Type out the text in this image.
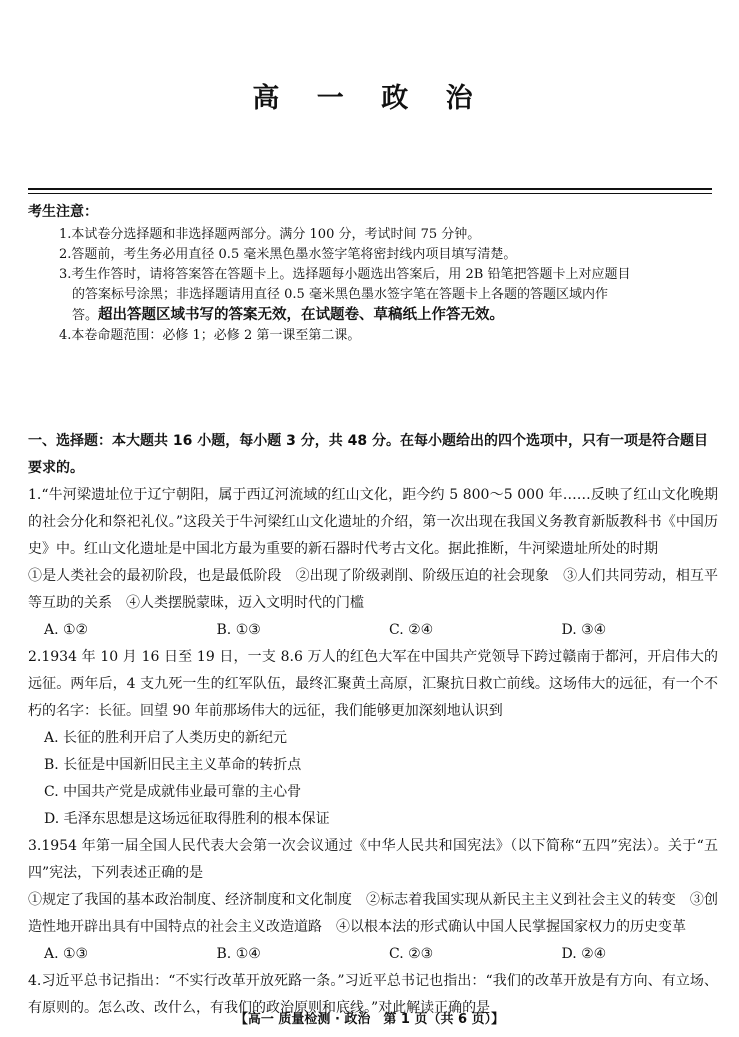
高 一 政 治
考生注意：
1.本试卷分选择题和非选择题两部分。满分 100 分，考试时间 75 分钟。
2.答题前，考生务必用直径 0.5 毫米黑色墨水签字笔将密封线内项目填写清楚。
3.考生作答时，请将答案答在答题卡上。选择题每小题选出答案后，用 2B 铅笔把答题卡上对应题目的答案标号涂黑；非选择题请用直径 0.5 毫米黑色墨水签字笔在答题卡上各题的答题区域内作答。超出答题区域书写的答案无效，在试题卷、草稿纸上作答无效。
4.本卷命题范围：必修 1；必修 2 第一课至第二课。
一、选择题：本大题共 16 小题，每小题 3 分，共 48 分。在每小题给出的四个选项中，只有一项是符合题目要求的。
1.“牛河梁遗址位于辽宁朝阳，属于西辽河流域的红山文化，距今约 5 800～5 000 年……反映了红山文化晚期的社会分化和祭祀礼仪。”这段关于牛河梁红山文化遗址的介绍，第一次出现在我国义务教育新版教科书《中国历史》中。红山文化遗址是中国北方最为重要的新石器时代考古文化。据此推断，牛河梁遗址所处的时期
①是人类社会的最初阶段，也是最低阶段　②出现了阶级剥削、阶级压迫的社会现象　③人们共同劳动，相互平等互助的关系　④人类摆脱蒙昧，迈入文明时代的门槛
A. ①②	B. ①③	C. ②④	D. ③④
2.1934 年 10 月 16 日至 19 日，一支 8.6 万人的红色大军在中国共产党领导下跨过赣南于都河，开启伟大的远征。两年后，4 支九死一生的红军队伍，最终汇聚黄土高原，汇聚抗日救亡前线。这场伟大的远征，有一个不朽的名字：长征。回望 90 年前那场伟大的远征，我们能够更加深刻地认识到
A. 长征的胜利开启了人类历史的新纪元
B. 长征是中国新旧民主主义革命的转折点
C. 中国共产党是成就伟业最可靠的主心骨
D. 毛泽东思想是这场远征取得胜利的根本保证
3.1954 年第一届全国人民代表大会第一次会议通过《中华人民共和国宪法》（以下简称“五四”宪法）。关于“五四”宪法，下列表述正确的是
①规定了我国的基本政治制度、经济制度和文化制度　②标志着我国实现从新民主主义到社会主义的转变　③创造性地开辟出具有中国特点的社会主义改造道路　④以根本法的形式确认中国人民掌握国家权力的历史变革
A. ①③	B. ①④	C. ②③	D. ②④
4.习近平总书记指出：“不实行改革开放死路一条。”习近平总书记也指出：“我们的改革开放是有方向、有立场、有原则的。怎么改、改什么，有我们的政治原则和底线。”对此解读正确的是
【高一 质量检测 · 政治　第 1 页（共 6 页）】
